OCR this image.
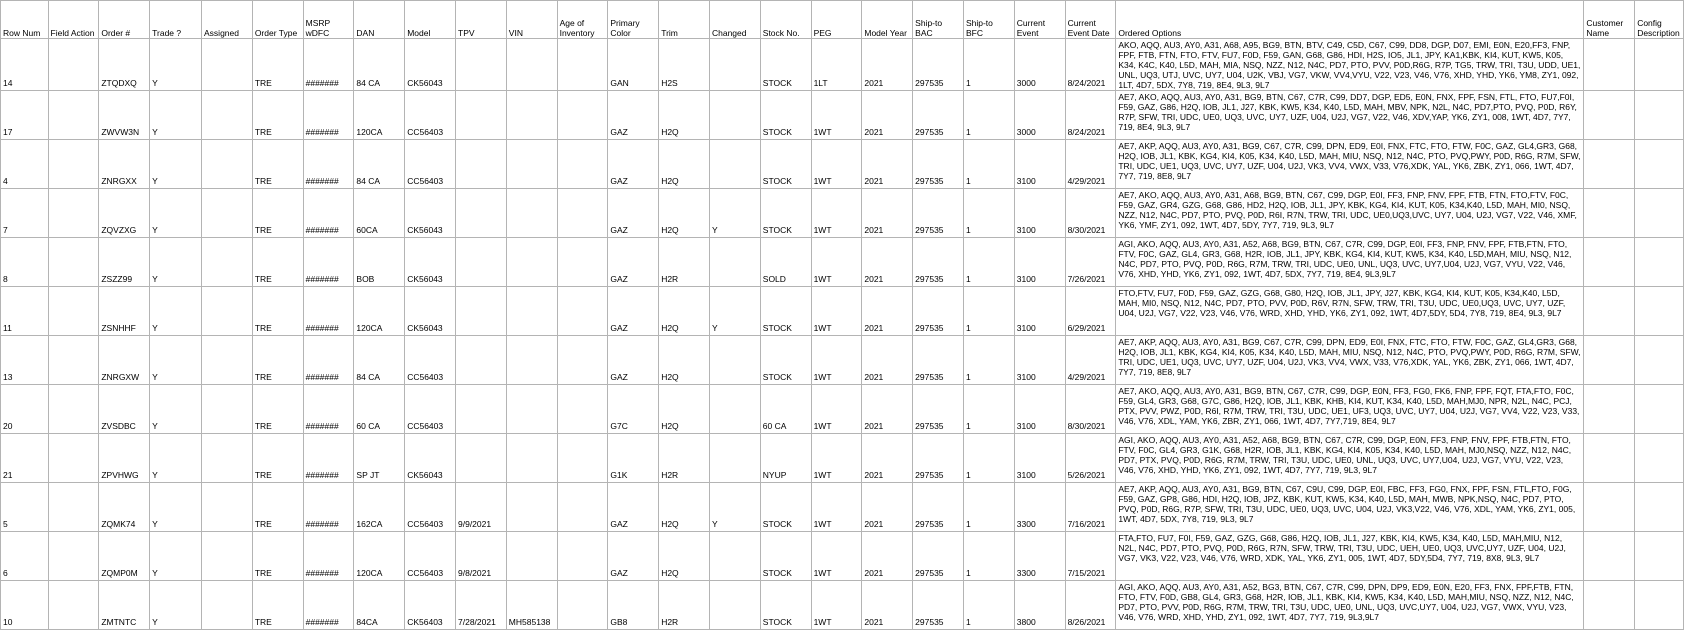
Row Num	Field Action	Order #	Trade ?	Assigned	Order Type	MSRP wDFC	DAN	Model	TPV	VIN	Age of Inventory	Primary Color	Trim	Changed	Stock No.	PEG	Model Year	Ship-to BAC	Ship-to BFC	Current Event	Current Event Date	Ordered Options	Customer Name	Config Description
14		ZTQDXQ	Y		TRE	#######	84 CA	CK56043				GAN	H2S		STOCK	1LT	2021	297535	1	3000	8/24/2021	AKO, AQQ, AU3, AY0, A31, A68, A95, BG9, BTN, BTV, C49, C5D, C67, C99, DD8, DGP, D07, EMI, E0N, E20,FF3, FNP, FPF, FTB, FTN, FTO, FTV, FU7, F0D, F59, GAN, G68, G86, HDI, H2S, IO5, JL1, JPY, KA1,KBK, KI4, KUT, KW5, K05, K34, K4C, K40, L5D, MAH, MIA, NSQ, NZZ, N12, N4C, PD7, PTO, PVV, P0D,R6G, R7P, TG5, TRW, TRI, T3U, UDD, UE1, UNL, UQ3, UTJ, UVC, UY7, U04, U2K, VBJ, VG7, VKW, VV4,VYU, V22, V23, V46, V76, XHD, YHD, YK6, YM8, ZY1, 092, 1LT, 4D7, 5DX, 7Y8, 719, 8E4, 9L3, 9L7		
17		ZWVW3N	Y		TRE	#######	120CA	CC56403				GAZ	H2Q		STOCK	1WT	2021	297535	1	3000	8/24/2021	AE7, AKO, AQQ, AU3, AY0, A31, BG9, BTN, C67, C7R, C99, DD7, DGP, ED5, E0N, FNX, FPF, FSN, FTL, FTO, FU7,F0I, F59, GAZ, G86, H2Q, IOB, JL1, J27, KBK, KW5, K34, K40, L5D, MAH, MBV, NPK, N2L, N4C, PD7,PTO, PVQ, P0D, R6Y, R7P, SFW, TRI, UDC, UE0, UQ3, UVC, UY7, UZF, U04, U2J, VG7, V22, V46, XDV,YAP, YK6, ZY1, 008, 1WT, 4D7, 7Y7, 719, 8E4, 9L3, 9L7		
4		ZNRGXX	Y		TRE	#######	84 CA	CC56403				GAZ	H2Q		STOCK	1WT	2021	297535	1	3100	4/29/2021	AE7, AKP, AQQ, AU3, AY0, A31, BG9, C67, C7R, C99, DPN, ED9, E0I, FNX, FTC, FTO, FTW, F0C, GAZ, GL4,GR3, G68, H2Q, IOB, JL1, KBK, KG4, KI4, K05, K34, K40, L5D, MAH, MIU, NSQ, N12, N4C, PTO, PVQ,PWY, P0D, R6G, R7M, SFW, TRI, UDC, UE1, UQ3, UVC, UY7, UZF, U04, U2J, VK3, VV4, VWX, V33, V76,XDK, YAL, YK6, ZBK, ZY1, 066, 1WT, 4D7, 7Y7, 719, 8E8, 9L7		
7		ZQVZXG	Y		TRE	#######	60CA	CK56043				GAZ	H2Q	Y	STOCK	1WT	2021	297535	1	3100	8/30/2021	AE7, AKO, AQQ, AU3, AY0, A31, A68, BG9, BTN, C67, C99, DGP, E0I, FF3, FNP, FNV, FPF, FTB, FTN, FTO,FTV, F0C, F59, GAZ, GR4, GZG, G68, G86, HD2, H2Q, IOB, JL1, JPY, KBK, KG4, KI4, KUT, K05, K34,K40, L5D, MAH, MI0, NSQ, NZZ, N12, N4C, PD7, PTO, PVQ, P0D, R6I, R7N, TRW, TRI, UDC, UE0,UQ3,UVC, UY7, U04, U2J, VG7, V22, V46, XMF, YK6, YMF, ZY1, 092, 1WT, 4D7, 5DY, 7Y7, 719, 9L3, 9L7		
8		ZSZZ99	Y		TRE	#######	BOB	CK56043				GAZ	H2R		SOLD	1WT	2021	297535	1	3100	7/26/2021	AGI, AKO, AQQ, AU3, AY0, A31, A52, A68, BG9, BTN, C67, C7R, C99, DGP, E0I, FF3, FNP, FNV, FPF, FTB,FTN, FTO, FTV, F0C, GAZ, GL4, GR3, G68, H2R, IOB, JL1, JPY, KBK, KG4, KI4, KUT, KW5, K34, K40, L5D,MAH, MIU, NSQ, N12, N4C, PD7, PTO, PVQ, P0D, R6G, R7M, TRW, TRI, UDC, UE0, UNL, UQ3, UVC, UY7,U04, U2J, VG7, VYU, V22, V46, V76, XHD, YHD, YK6, ZY1, 092, 1WT, 4D7, 5DX, 7Y7, 719, 8E4, 9L3,9L7		
11		ZSNHHF	Y		TRE	#######	120CA	CK56043				GAZ	H2Q	Y	STOCK	1WT	2021	297535	1	3100	6/29/2021	FTO,FTV, FU7, F0D, F59, GAZ, GZG, G68, G80, H2Q, IOB, JL1, JPY, J27, KBK, KG4, KI4, KUT, K05, K34,K40, L5D, MAH, MI0, NSQ, N12, N4C, PD7, PTO, PVV, P0D, R6V, R7N, SFW, TRW, TRI, T3U, UDC, UE0,UQ3, UVC, UY7, UZF, U04, U2J, VG7, V22, V23, V46, V76, WRD, XHD, YHD, YK6, ZY1, 092, 1WT, 4D7,5DY, 5D4, 7Y8, 719, 8E4, 9L3, 9L7		
13		ZNRGXW	Y		TRE	#######	84 CA	CC56403				GAZ	H2Q		STOCK	1WT	2021	297535	1	3100	4/29/2021	AE7, AKP, AQQ, AU3, AY0, A31, BG9, C67, C7R, C99, DPN, ED9, E0I, FNX, FTC, FTO, FTW, F0C, GAZ, GL4,GR3, G68, H2Q, IOB, JL1, KBK, KG4, KI4, K05, K34, K40, L5D, MAH, MIU, NSQ, N12, N4C, PTO, PVQ,PWY, P0D, R6G, R7M, SFW, TRI, UDC, UE1, UQ3, UVC, UY7, UZF, U04, U2J, VK3, VV4, VWX, V33, V76,XDK, YAL, YK6, ZBK, ZY1, 066, 1WT, 4D7, 7Y7, 719, 8E8, 9L7		
20		ZVSDBC	Y		TRE	#######	60 CA	CC56403				G7C	H2Q		60 CA	1WT	2021	297535	1	3100	8/30/2021	AE7, AKO, AQQ, AU3, AY0, A31, BG9, BTN, C67, C7R, C99, DGP, E0N, FF3, FG0, FK6, FNP, FPF, FQT, FTA,FTO, F0C, F59, GL4, GR3, G68, G7C, G86, H2Q, IOB, JL1, KBK, KHB, KI4, KUT, K34, K40, L5D, MAH,MJ0, NPR, N2L, N4C, PCJ, PTX, PVV, PWZ, P0D, R6I, R7M, TRW, TRI, T3U, UDC, UE1, UF3, UQ3, UVC, UY7, U04, U2J, VG7, VV4, V22, V23, V33, V46, V76, XDL, YAM, YK6, ZBR, ZY1, 066, 1WT, 4D7, 7Y7,719, 8E4, 9L7		
21		ZPVHWG	Y		TRE	#######	SP JT	CK56043				G1K	H2R		NYUP	1WT	2021	297535	1	3100	5/26/2021	AGI, AKO, AQQ, AU3, AY0, A31, A52, A68, BG9, BTN, C67, C7R, C99, DGP, E0N, FF3, FNP, FNV, FPF, FTB,FTN, FTO, FTV, F0C, GL4, GR3, G1K, G68, H2R, IOB, JL1, KBK, KG4, KI4, K05, K34, K40, L5D, MAH, MJ0,NSQ, NZZ, N12, N4C, PD7, PTX, PVQ, P0D, R6G, R7M, TRW, TRI, T3U, UDC, UE0, UNL, UQ3, UVC, UY7,U04, U2J, VG7, VYU, V22, V23, V46, V76, XHD, YHD, YK6, ZY1, 092, 1WT, 4D7, 7Y7, 719, 9L3, 9L7		
5		ZQMK74	Y		TRE	#######	162CA	CC56403	9/9/2021			GAZ	H2Q	Y	STOCK	1WT	2021	297535	1	3300	7/16/2021	AE7, AKP, AQQ, AU3, AY0, A31, BG9, BTN, C67, C9U, C99, DGP, E0I, FBC, FF3, FG0, FNX, FPF, FSN, FTL,FTO, F0G, F59, GAZ, GP8, G86, HDI, H2Q, IOB, JPZ, KBK, KUT, KW5, K34, K40, L5D, MAH, MWB, NPK,NSQ, N4C, PD7, PTO, PVQ, P0D, R6G, R7P, SFW, TRI, T3U, UDC, UE0, UQ3, UVC, U04, U2J, VK3,V22, V46, V76, XDL, YAM, YK6, ZY1, 005, 1WT, 4D7, 5DX, 7Y8, 719, 9L3, 9L7		
6		ZQMP0M	Y		TRE	#######	120CA	CC56403	9/8/2021			GAZ	H2Q		STOCK	1WT	2021	297535	1	3300	7/15/2021	FTA,FTO, FU7, F0I, F59, GAZ, GZG, G68, G86, H2Q, IOB, JL1, J27, KBK, KI4, KW5, K34, K40, L5D, MAH,MIU, N12, N2L, N4C, PD7, PTO, PVQ, P0D, R6G, R7N, SFW, TRW, TRI, T3U, UDC, UEH, UE0, UQ3, UVC,UY7, UZF, U04, U2J, VG7, VK3, V22, V23, V46, V76, WRD, XDK, YAL, YK6, ZY1, 005, 1WT, 4D7, 5DY,5D4, 7Y7, 719, 8X8, 9L3, 9L7		
10		ZMTNTC	Y		TRE	#######	84CA	CK56403	7/28/2021	MH585138		GB8	H2R		STOCK	1WT	2021	297535	1	3800	8/26/2021	AGI, AKO, AQQ, AU3, AY0, A31, A52, BG3, BTN, C67, C7R, C99, DPN, DP9, ED9, E0N, E20, FF3, FNX, FPF,FTB, FTN, FTO, FTV, F0D, GB8, GL4, GR3, G68, H2R, IOB, JL1, KBK, KI4, KW5, K34, K40, L5D, MAH,MIU, NSQ, NZZ, N12, N4C, PD7, PTO, PVV, P0D, R6G, R7M, TRW, TRI, T3U, UDC, UE0, UNL, UQ3, UVC,UY7, U04, U2J, VG7, VWX, VYU, V23, V46, V76, WRD, XHD, YHD, ZY1, 092, 1WT, 4D7, 7Y7, 719, 9L3,9L7		
